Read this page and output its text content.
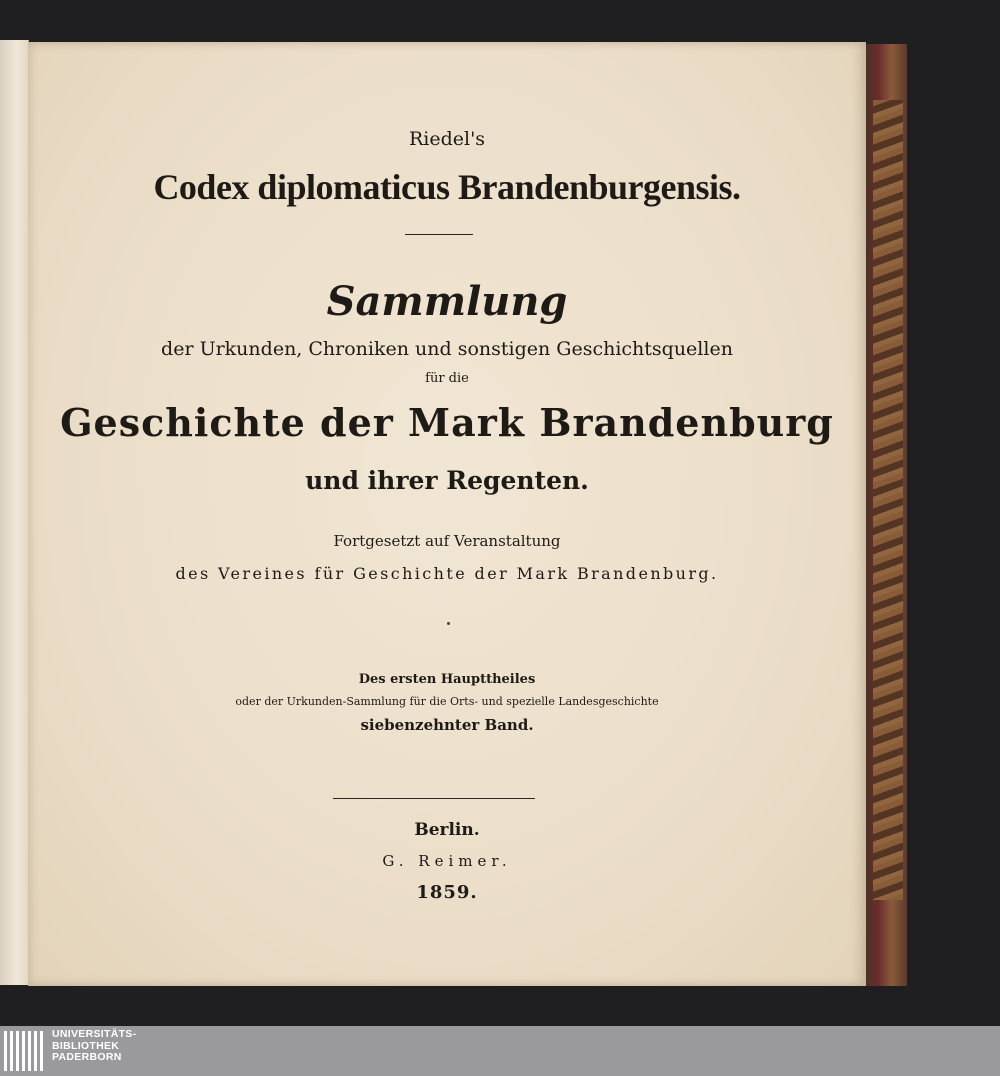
Riedel's
Codex diplomaticus Brandenburgensis.
Sammlung
der Urkunden, Chroniken und sonstigen Geschichtsquellen
für die
Geschichte der Mark Brandenburg
und ihrer Regenten.
Fortgesetzt auf Veranstaltung
des Vereines für Geschichte der Mark Brandenburg.
Des ersten Haupttheiles
oder der Urkunden-Sammlung für die Orts- und spezielle Landesgeschichte
siebenzehnter Band.
Berlin.
G. Reimer.
1859.
UNIVERSITÄTS-
BIBLIOTHEK
PADERBORN
